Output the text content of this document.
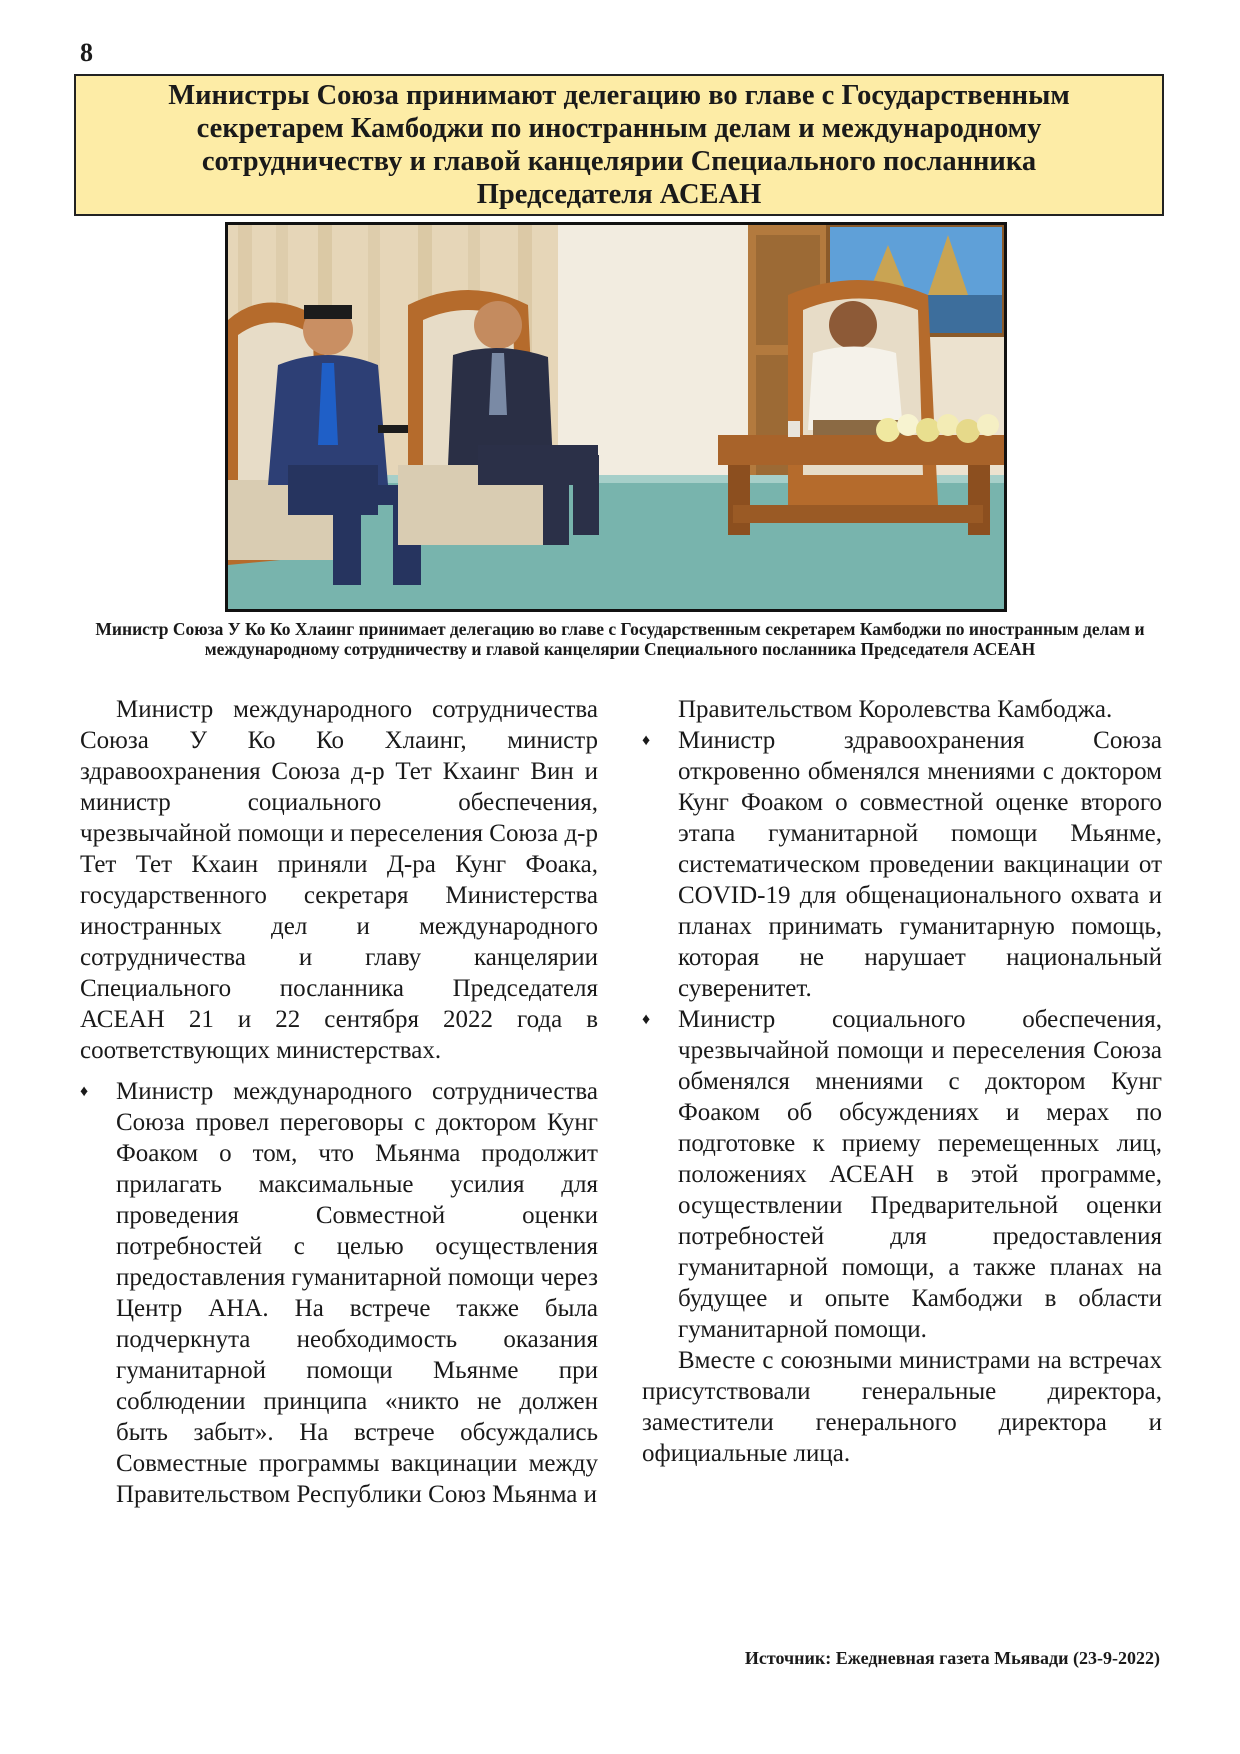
8
Министры Союза принимают делегацию во главе с Государственным секретарем Камбоджи по иностранным делам и международному сотрудничеству и главой канцелярии Специального посланника Председателя АСЕАН
Министр Союза У Ко Ко Хлаинг принимает делегацию во главе с Государственным секретарем Камбоджи по иностранным делам и международному сотрудничеству и главой канцелярии Специального посланника Председателя АСЕАН

Министр международного сотрудничества Союза У Ко Ко Хлаинг, министр здравоохранения Союза д-р Тет Кхаинг Вин и министр социального обеспечения, чрезвычайной помощи и переселения Союза д-р Тет Тет Кхаин приняли Д-ра Кунг Фоака, государственного секретаря Министерства иностранных дел и международного сотрудничества и главу канцелярии Специального посланника Председателя АСЕАН 21 и 22 сентября 2022 года в соответствующих министерствах.

♦ Министр международного сотрудничества Союза провел переговоры с доктором Кунг Фоаком о том, что Мьянма продолжит прилагать максимальные усилия для проведения Совместной оценки потребностей с целью осуществления предоставления гуманитарной помощи через Центр АНА. На встрече также была подчеркнута необходимость оказания гуманитарной помощи Мьянме при соблюдении принципа «никто не должен быть забыт». На встрече обсуждались Совместные программы вакцинации между Правительством Республики Союз Мьянма и

Правительством Королевства Камбоджа.

♦ Министр здравоохранения Союза откровенно обменялся мнениями с доктором Кунг Фоаком о совместной оценке второго этапа гуманитарной помощи Мьянме, систематическом проведении вакцинации от COVID-19 для общенационального охвата и планах принимать гуманитарную помощь, которая не нарушает национальный суверенитет.

♦ Министр социального обеспечения, чрезвычайной помощи и переселения Союза обменялся мнениями с доктором Кунг Фоаком об обсуждениях и мерах по подготовке к приему перемещенных лиц, положениях АСЕАН в этой программе, осуществлении Предварительной оценки потребностей для предоставления гуманитарной помощи, а также планах на будущее и опыте Камбоджи в области гуманитарной помощи.

Вместе с союзными министрами на встречах присутствовали генеральные директора, заместители генерального директора и официальные лица.

Источник: Ежедневная газета Мьявади (23-9-2022)
